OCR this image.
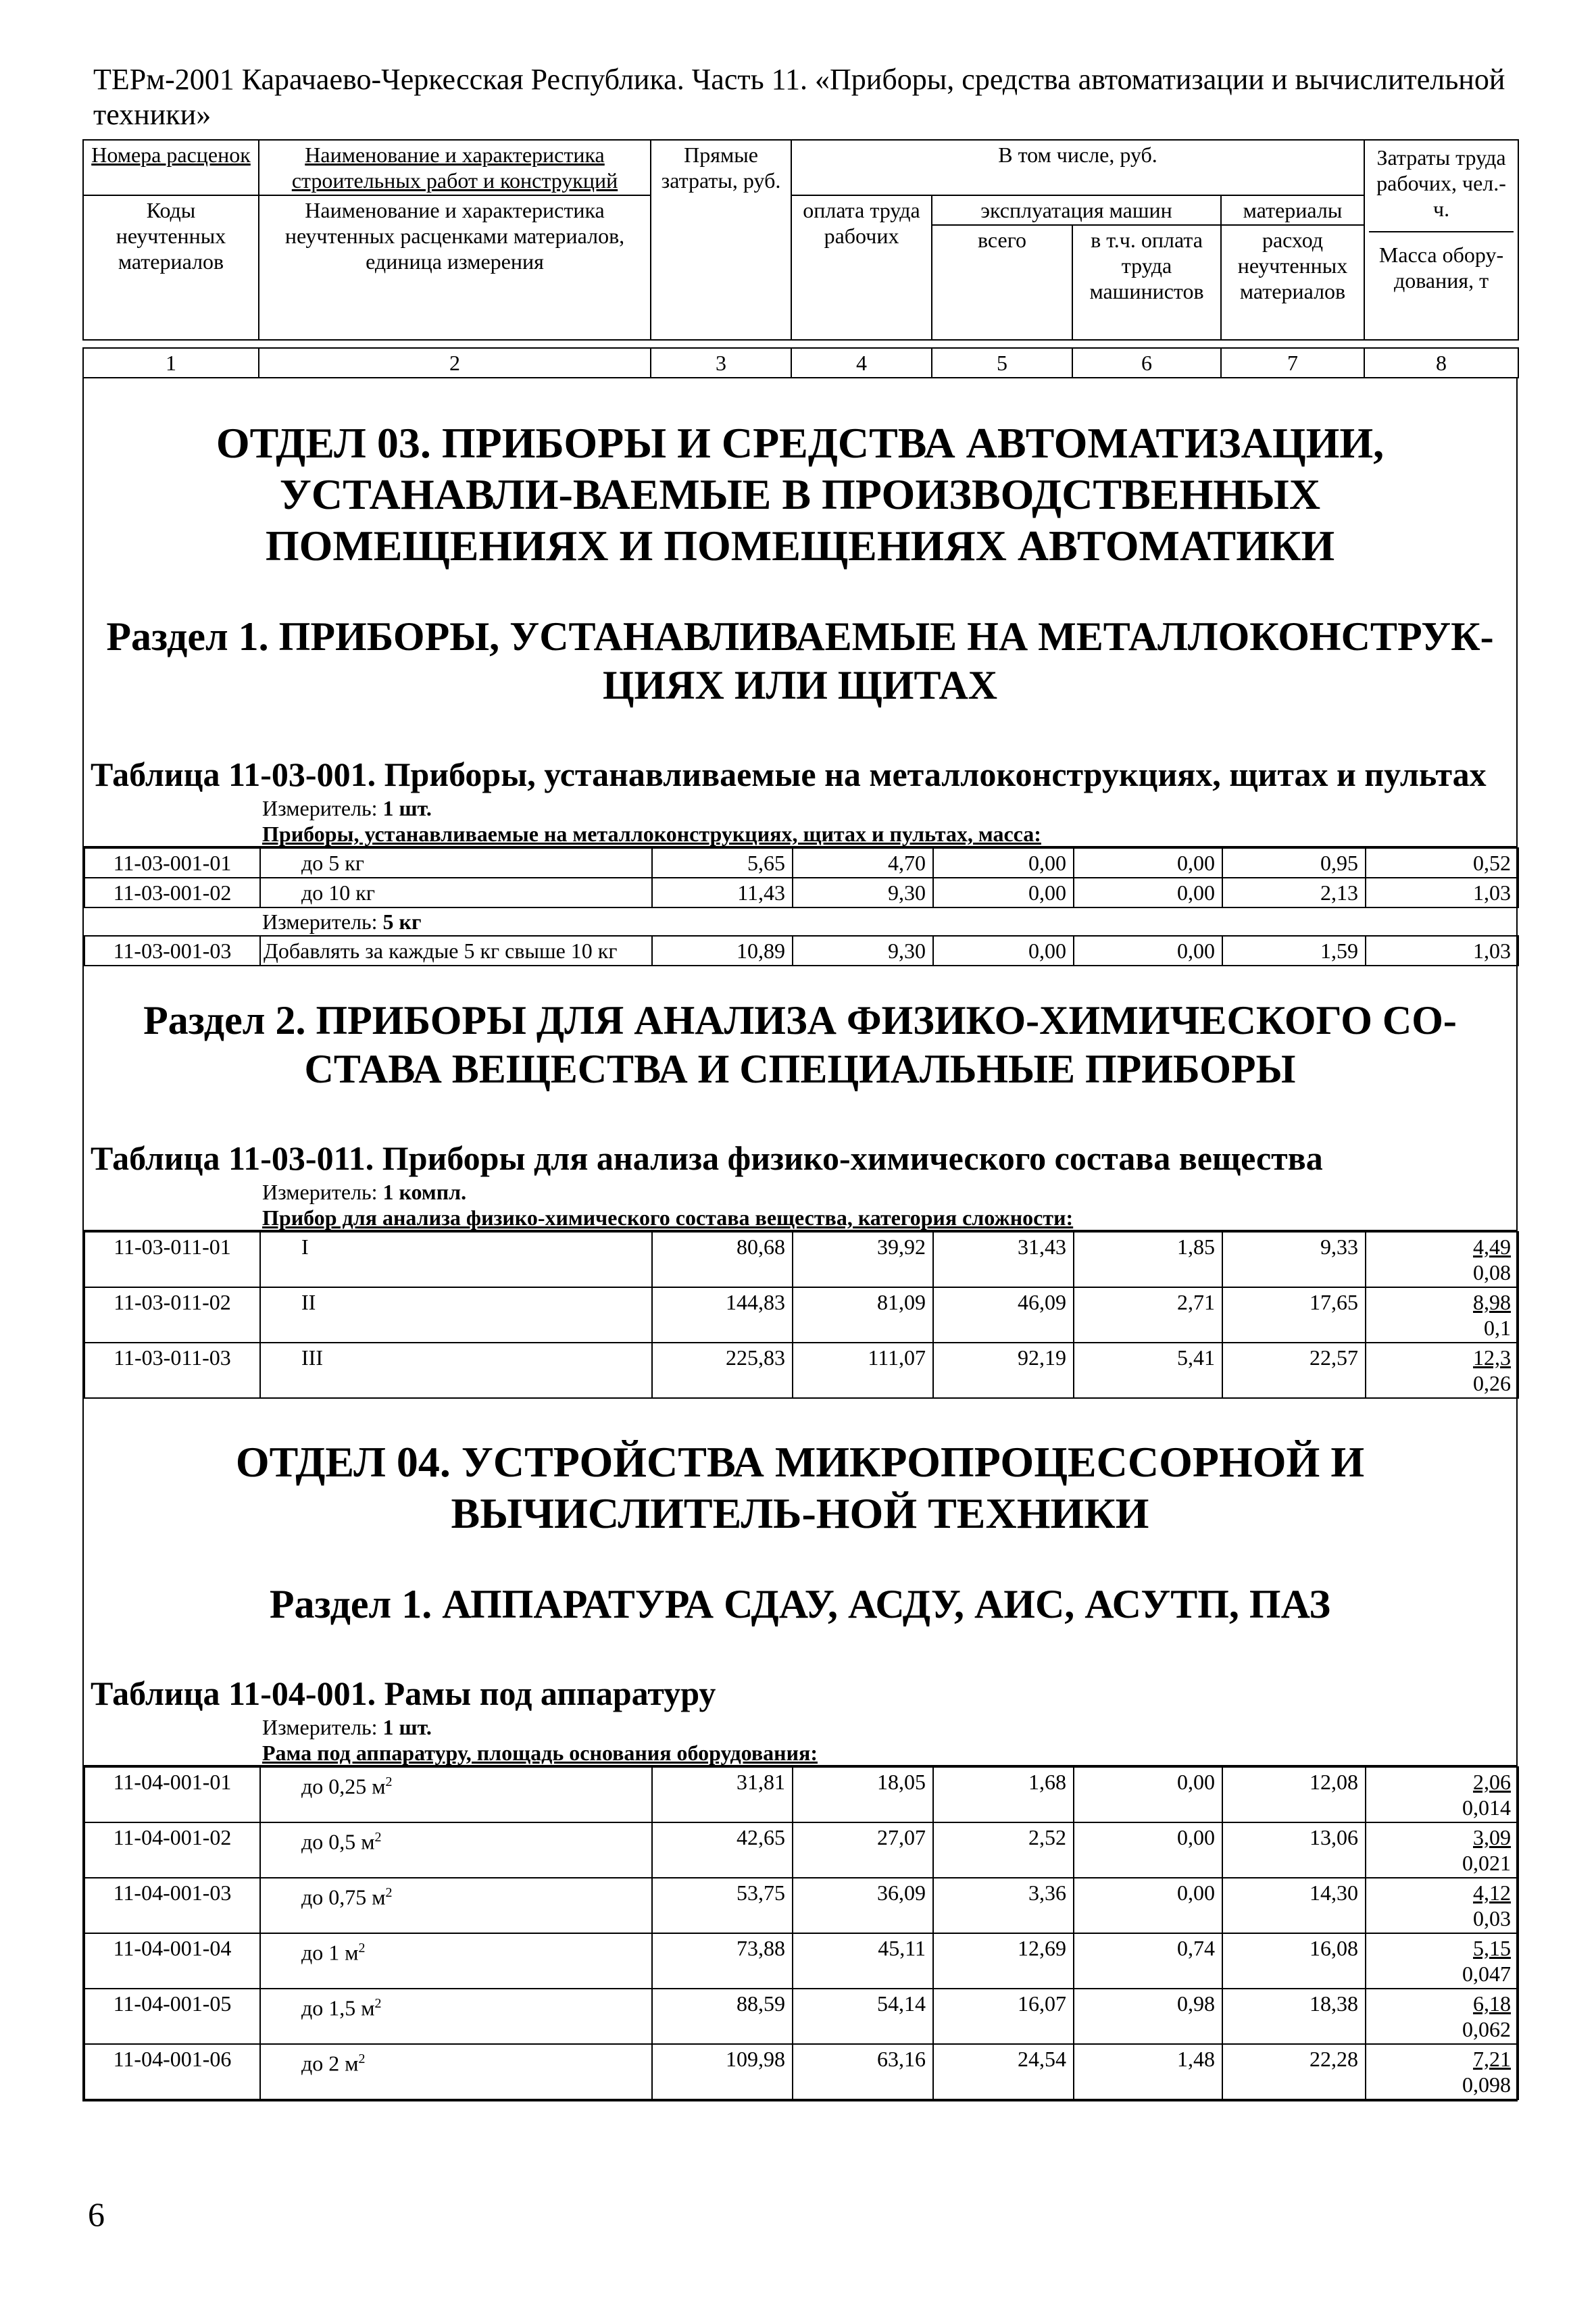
ТЕРм-2001 Карачаево-Черкесская Республика. Часть 11. «Приборы, средства автоматизации и вычислительной
техники»
Номера расценок	Наименование и характеристика строительных работ и конструкций	Прямые затраты, руб.	В том числе, руб.				Затраты труда рабочих, чел.-ч.
Масса обору-дования, т

Коды неучтенных материалов	Наименование и характеристика неучтенных расценками материалов, единица измерения		оплата труда рабочих	эксплуатация машин		материалы	
				всего	в т.ч. оплата труда машинистов	расход неучтенных материалов	
1	2	3	4	5	6	7	8
ОТДЕЛ 03. ПРИБОРЫ И СРЕДСТВА АВТОМАТИЗАЦИИ, УСТАНАВЛИ-ВАЕМЫЕ В ПРОИЗВОДСТВЕННЫХ ПОМЕЩЕНИЯХ И ПОМЕЩЕНИЯХ АВТОМАТИКИ
Раздел 1. ПРИБОРЫ, УСТАНАВЛИВАЕМЫЕ НА МЕТАЛЛОКОНСТРУК-ЦИЯХ ИЛИ ЩИТАХ
Таблица 11-03-001. Приборы, устанавливаемые на металлоконструкциях, щитах и пультах
Измеритель: 1 шт.
Приборы, устанавливаемые на металлоконструкциях, щитах и пультах, масса:
11-03-001-01	до 5 кг	5,65	4,70	0,00	0,00	0,95	0,52
11-03-001-02	до 10 кг	11,43	9,30	0,00	0,00	2,13	1,03
Измеритель: 5 кг
11-03-001-03	Добавлять за каждые 5 кг свыше 10 кг	10,89	9,30	0,00	0,00	1,59	1,03
Раздел 2. ПРИБОРЫ ДЛЯ АНАЛИЗА ФИЗИКО-ХИМИЧЕСКОГО СО-СТАВА ВЕЩЕСТВА И СПЕЦИАЛЬНЫЕ ПРИБОРЫ
Таблица 11-03-011. Приборы для анализа физико-химического состава вещества
Измеритель: 1 компл.
Прибор для анализа физико-химического состава вещества, категория сложности:
11-03-011-01	I	80,68	39,92	31,43	1,85	9,33	4,49
0,08

11-03-011-02	II	144,83	81,09	46,09	2,71	17,65	8,98
0,1

11-03-011-03	III	225,83	111,07	92,19	5,41	22,57	12,3
0,26
ОТДЕЛ 04. УСТРОЙСТВА МИКРОПРОЦЕССОРНОЙ И ВЫЧИСЛИТЕЛЬ-НОЙ ТЕХНИКИ
Раздел 1. АППАРАТУРА СДАУ, АСДУ, АИС, АСУТП, ПАЗ
Таблица 11-04-001. Рамы под аппаратуру
Измеритель: 1 шт.
Рама под аппаратуру, площадь основания оборудования:
11-04-001-01	до 0,25 $м^2$	31,81	18,05	1,68	0,00	12,08	2,06
0,014

11-04-001-02	до 0,5 $м^2$	42,65	27,07	2,52	0,00	13,06	3,09
0,021

11-04-001-03	до 0,75 $м^2$	53,75	36,09	3,36	0,00	14,30	4,12
0,03

11-04-001-04	до 1 $м^2$	73,88	45,11	12,69	0,74	16,08	5,15
0,047

11-04-001-05	до 1,5 $м^2$	88,59	54,14	16,07	0,98	18,38	6,18
0,062

11-04-001-06	до 2 $м^2$	109,98	63,16	24,54	1,48	22,28	7,21
0,098
6
